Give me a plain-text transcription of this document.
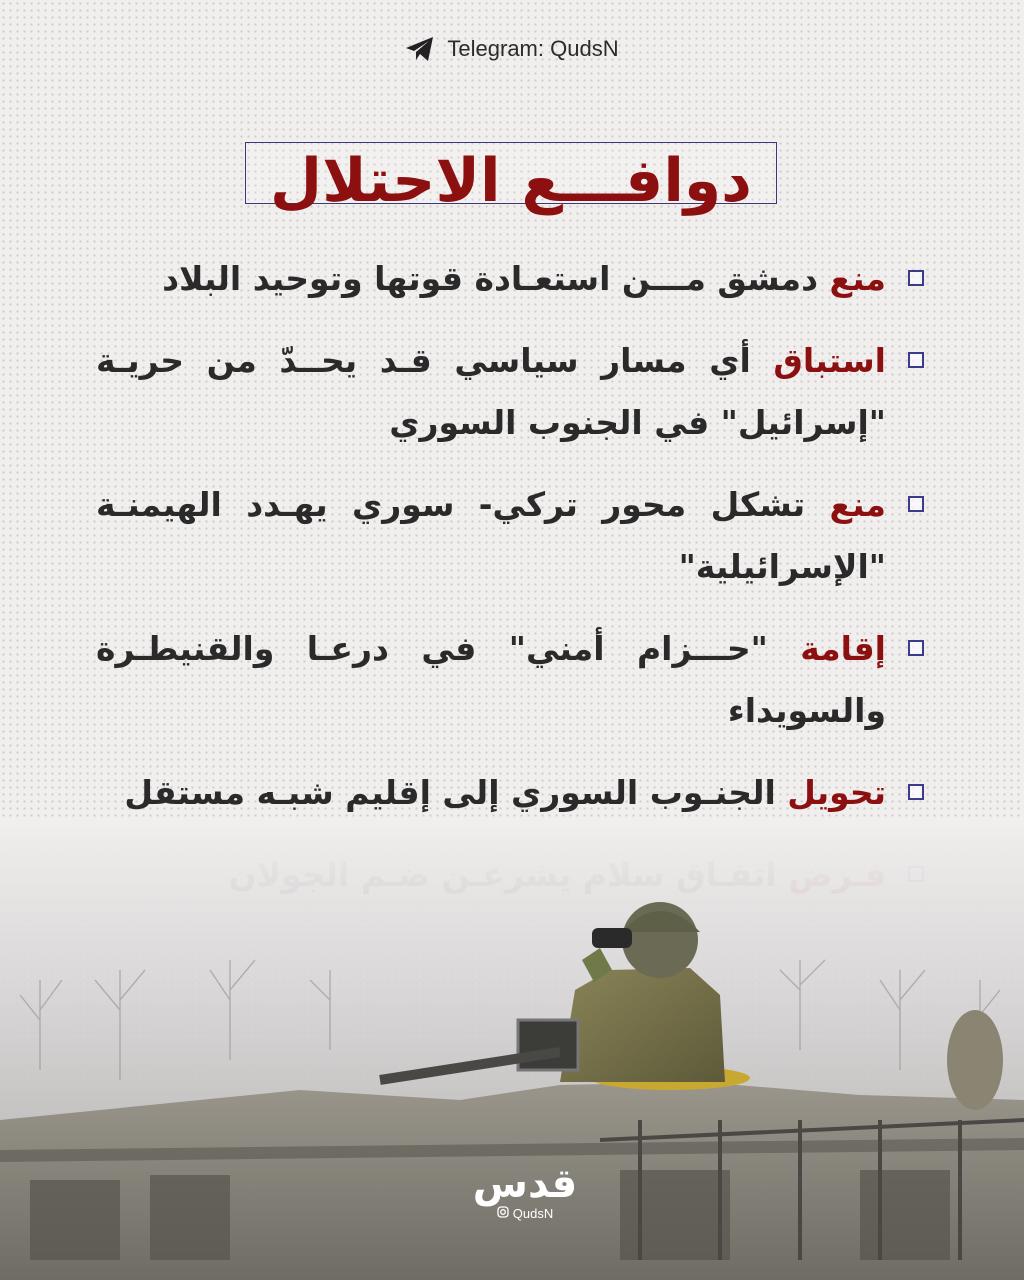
Telegram: QudsN
دوافـــع الاحتلال
منع دمشق مـــن استعـادة قوتها وتوحيد البلاد
استباق أي مسار سياسي قـد يحــدّ من حريـة "إسرائيل" في الجنوب السوري
منع تشكل محور تركي- سوري يهـدد الهيمنـة "الإسرائيلية"
إقامة "حـــزام أمني" في درعـا والقنيطـرة والسويداء
تحويل الجنـوب السوري إلى إقليم شبـه مستقل
قدس
QudsN
